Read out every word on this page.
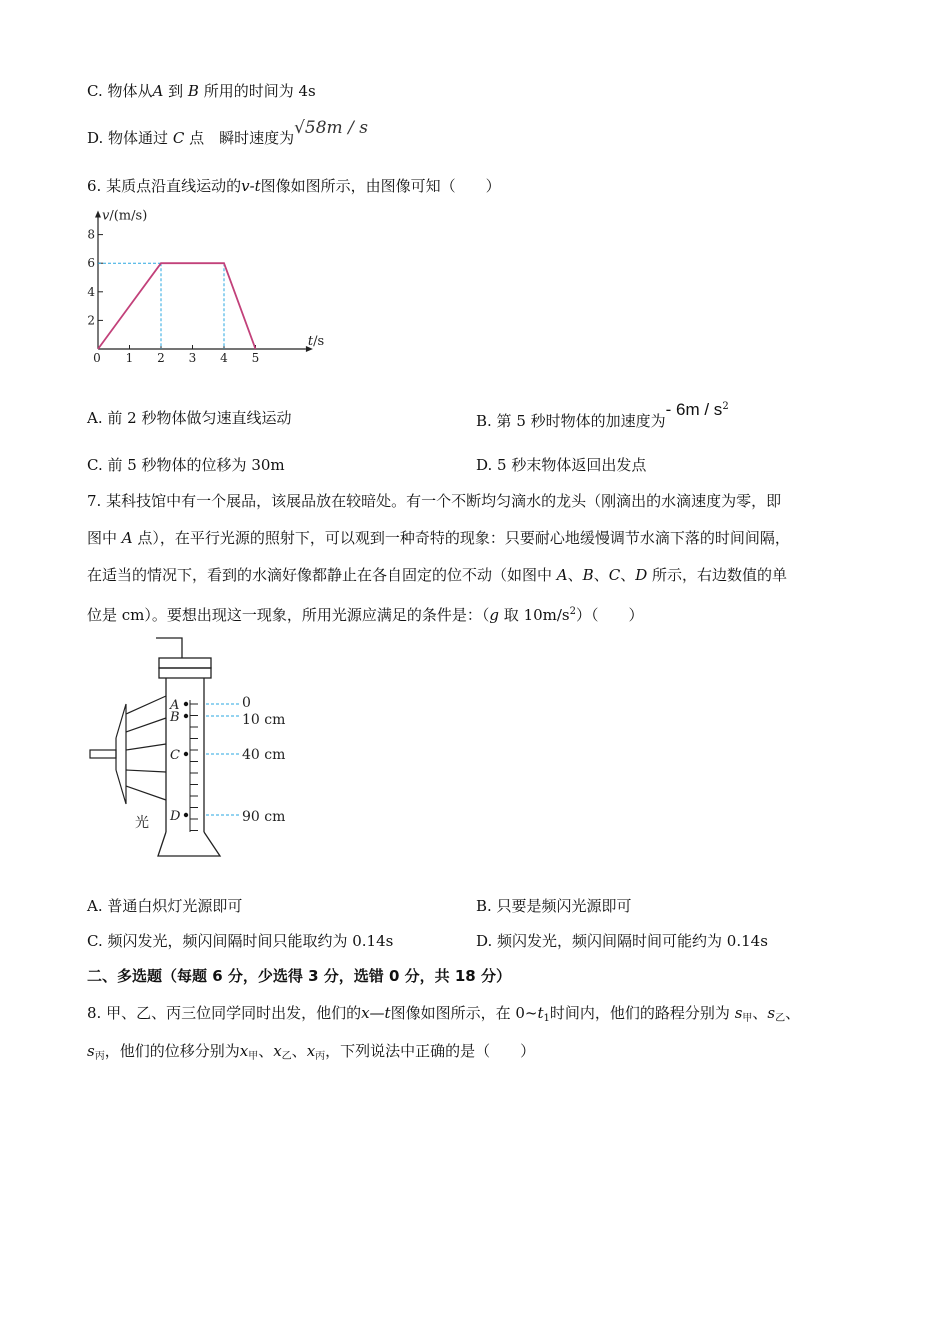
C. 物体从A 到 B 所用的时间为 4s
D. 物体通过 C 点　瞬时速度为√58m / s
6. 某质点沿直线运动的v-t图像如图所示，由图像可知（　　）
v/(m/s)
t/s
2
4
6
8
0 1 2 3 4 5
A. 前 2 秒物体做匀速直线运动	B. 第 5 秒时物体的加速度为- $6m / s^2$
C. 前 5 秒物体的位移为 30m	D. 5 秒末物体返回出发点
7. 某科技馆中有一个展品，该展品放在较暗处。有一个不断均匀滴水的龙头（刚滴出的水滴速度为零，即
图中 A 点），在平行光源的照射下，可以观到一种奇特的现象：只要耐心地缓慢调节水滴下落的时间间隔，
在适当的情况下，看到的水滴好像都静止在各自固定的位不动（如图中 A、B、C、D 所示，右边数值的单
位是 cm）。要想出现这一现象，所用光源应满足的条件是：（g 取 $10m/s^2$）（　　）
A	0
B	10 cm
C	40 cm
D	90 cm
光
A. 普通白炽灯光源即可	B. 只要是频闪光源即可
C. 频闪发光，频闪间隔时间只能取约为 0.14s	D. 频闪发光，频闪间隔时间可能约为 0.14s
二、多选题（每题 6 分，少选得 3 分，选错 0 分，共 18 分）
8. 甲、乙、丙三位同学同时出发，他们的x—t图像如图所示，在 $0\sim t_1$时间内，他们的路程分别为 $s_甲$、$s_乙$、
$s_丙$，他们的位移分别为$x_甲$、$x_乙$、$x_丙$，下列说法中正确的是（　　）
